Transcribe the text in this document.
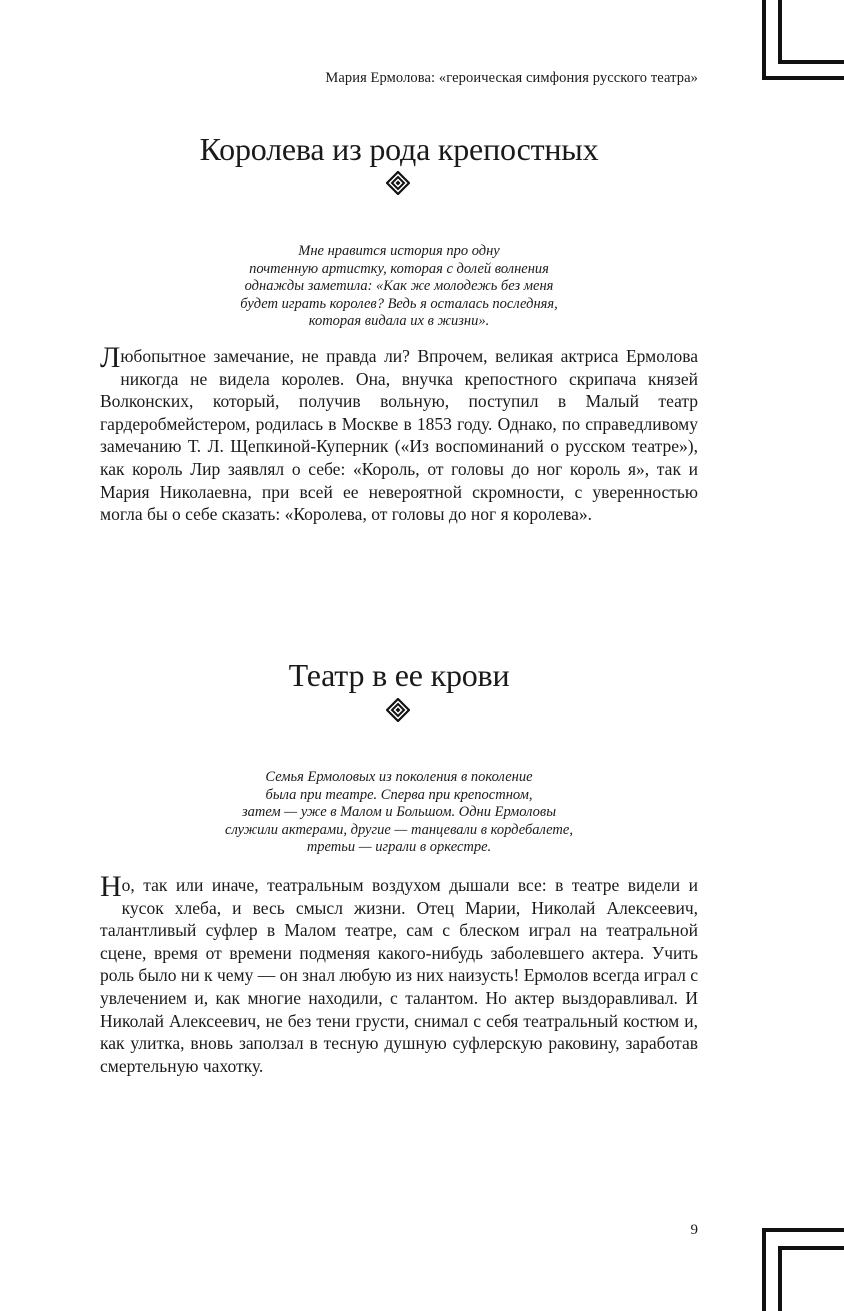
Мария Ермолова: «героическая симфония русского театра»
Королева из рода крепостных
Мне нравится история про одну
почтенную артистку, которая с долей волнения
однажды заметила: «Как же молодежь без меня
будет играть королев? Ведь я осталась последняя,
которая видала их в жизни».

Любопытное замечание, не правда ли? Впрочем, великая актриса Ермолова никогда не видела королев. Она, внучка крепостного скрипача князей Волконских, который, получив вольную, поступил в Малый театр гардеробмейстером, родилась в Москве в 1853 году. Однако, по справедливому замечанию Т. Л. Щепкиной-Куперник («Из воспоминаний о русском театре»), как король Лир заявлял о себе: «Король, от головы до ног король я», так и Мария Николаевна, при всей ее невероятной скромности, с уверенностью могла бы о себе сказать: «Королева, от головы до ног я королева».

Театр в ее крови
Семья Ермоловых из поколения в поколение
была при театре. Сперва при крепостном,
затем — уже в Малом и Большом. Одни Ермоловы
служили актерами, другие — танцевали в кордебалете,
третьи — играли в оркестре.

Но, так или иначе, театральным воздухом дышали все: в театре видели и кусок хлеба, и весь смысл жизни. Отец Марии, Николай Алексеевич, талантливый суфлер в Малом театре, сам с блеском играл на театральной сцене, время от времени подменяя какого-нибудь заболевшего актера. Учить роль было ни к чему — он знал любую из них наизусть! Ермолов всегда играл с увлечением и, как многие находили, с талантом. Но актер выздоравливал. И Николай Алексеевич, не без тени грусти, снимал с себя театральный костюм и, как улитка, вновь заползал в тесную душную суфлерскую раковину, заработав смертельную чахотку.

9
